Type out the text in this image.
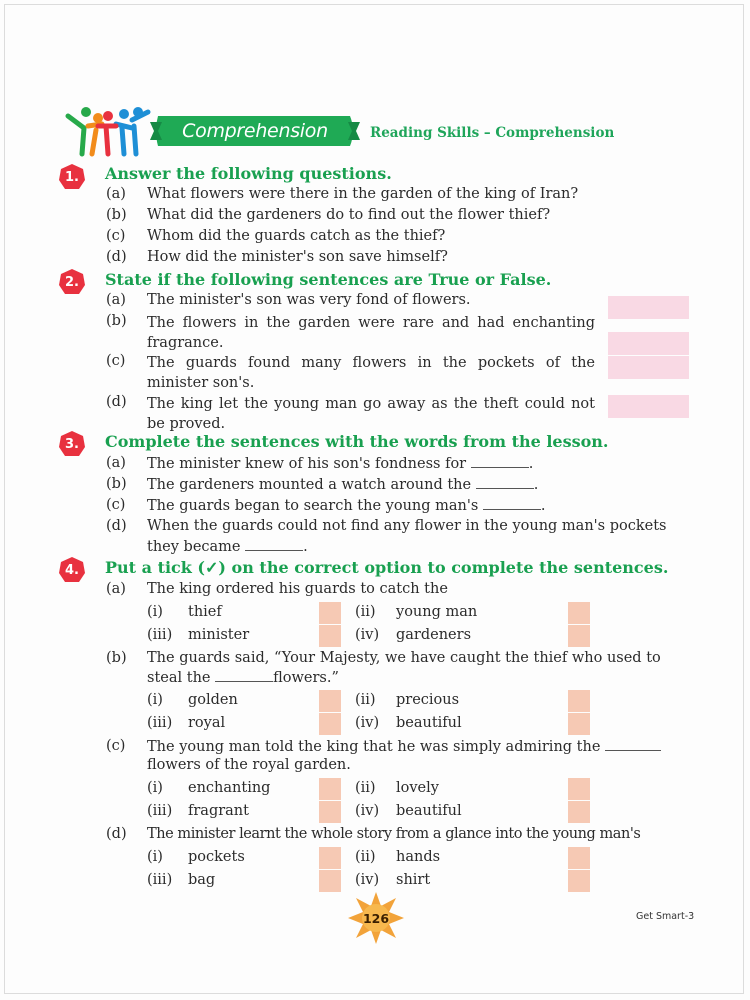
Comprehension	Reading Skills – Comprehension
1.	Answer the following questions.
(a) What flowers were there in the garden of the king of Iran?
(b) What did the gardeners do to find out the flower thief?
(c) Whom did the guards catch as the thief?
(d) How did the minister's son save himself?
2.	State if the following sentences are True or False.
(a) The minister's son was very fond of flowers.
(b) The flowers in the garden were rare and had enchanting fragrance.
(c) The guards found many flowers in the pockets of the minister son's.
(d) The king let the young man go away as the theft could not be proved.
3.	Complete the sentences with the words from the lesson.
(a) The minister knew of his son's fondness for	.
(b) The gardeners mounted a watch around the	.
(c) The guards began to search the young man's	.
(d) When the guards could not find any flower in the young man's pockets
they became	.
4.	Put a tick (✓) on the correct option to complete the sentences.
(a) The king ordered his guards to catch the
(i) thief	(ii) young man
(iii) minister	(iv) gardeners
(b) The guards said, “Your Majesty, we have caught the thief who used to
steal the	flowers.”
(i) golden	(ii) precious
(iii) royal	(iv) beautiful
(c) The young man told the king that he was simply admiring the
flowers of the royal garden.
(i) enchanting	(ii) lovely
(iii) fragrant	(iv) beautiful
(d) The minister learnt the whole story from a glance into the young man's
(i) pockets	(ii) hands
(iii) bag	(iv) shirt
126	Get Smart-3
